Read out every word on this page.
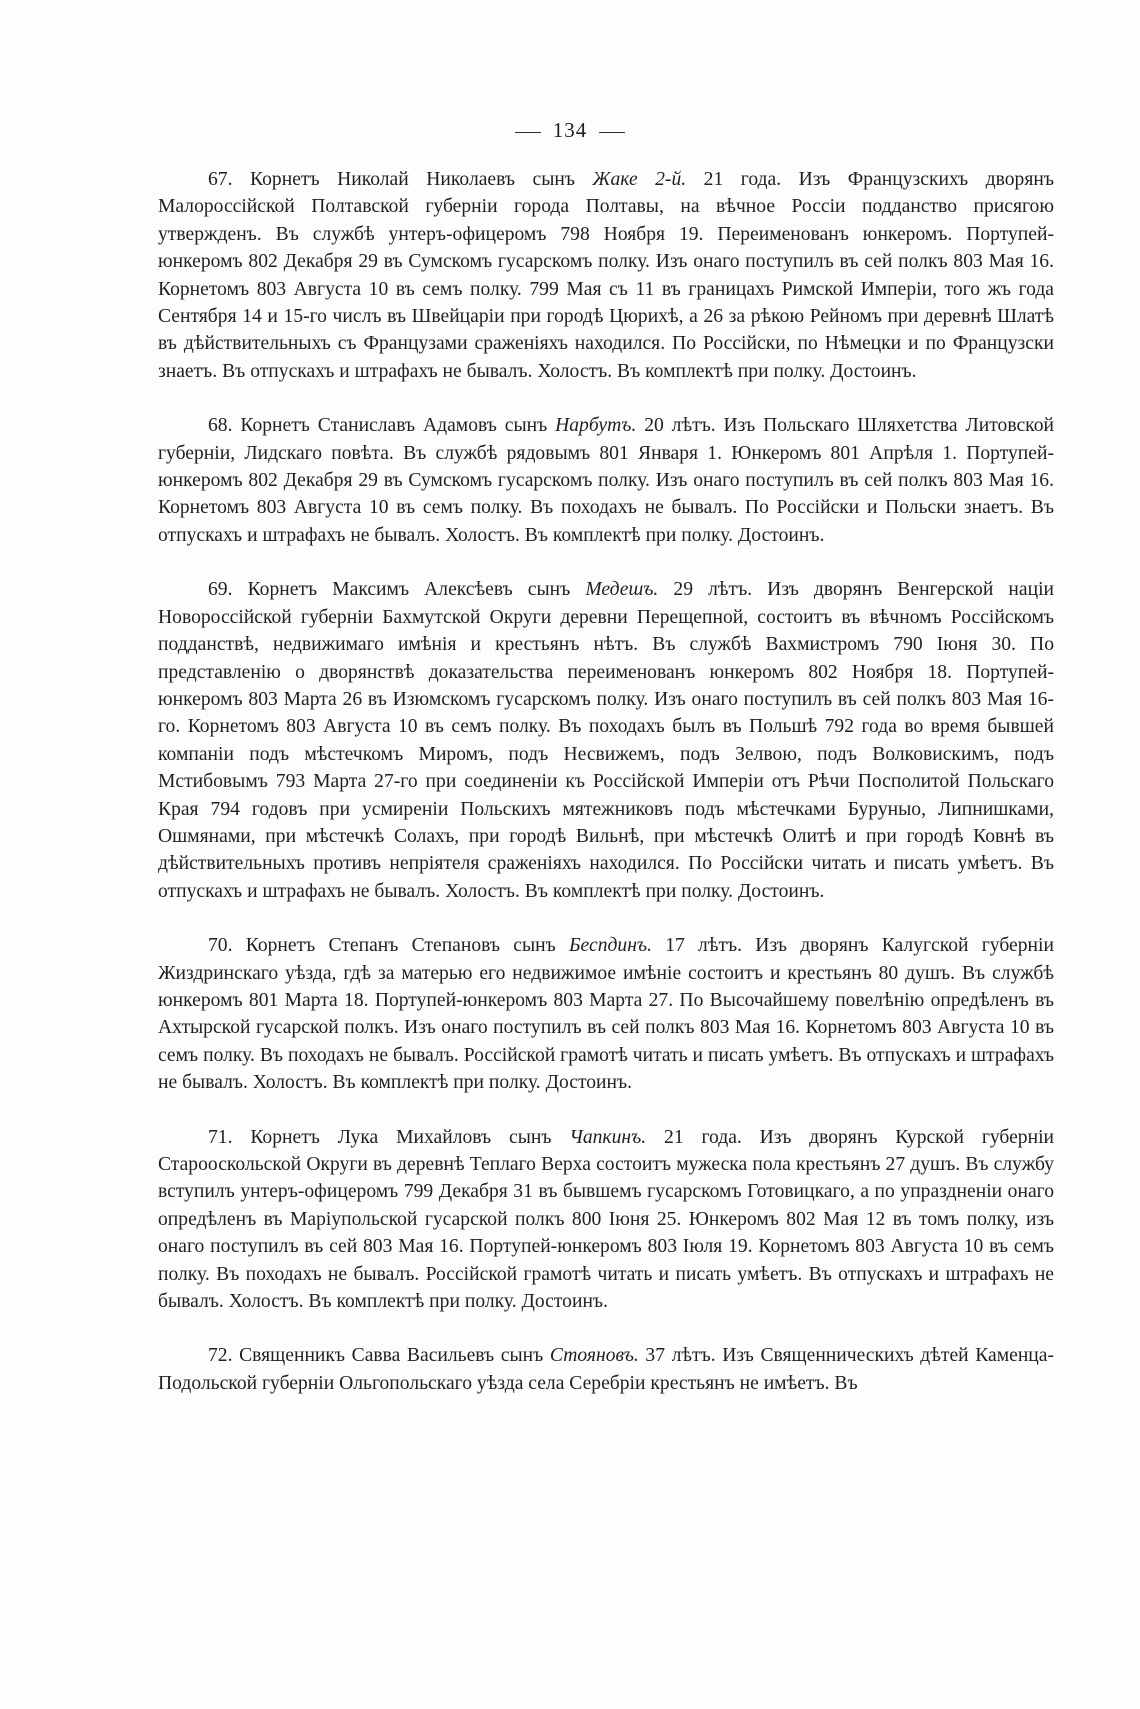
134

67. Корнетъ Николай Николаевъ сынъ Жаке 2-й. 21 года. Изъ Французскихъ дворянъ Малороссійской Полтавской губерніи города Полтавы, на вѣчное Россіи подданство присягою утвержденъ. Въ службѣ унтеръ-офицеромъ 798 Ноября 19. Переименованъ юнкеромъ. Портупей-юнкеромъ 802 Декабря 29 въ Сумскомъ гусарскомъ полку. Изъ онаго поступилъ въ сей полкъ 803 Мая 16. Корнетомъ 803 Августа 10 въ семъ полку. 799 Мая съ 11 въ границахъ Римской Имперіи, того жъ года Сентября 14 и 15-го числъ въ Швейцаріи при городѣ Цюрихѣ, а 26 за рѣкою Рейномъ при деревнѣ Шлатѣ въ дѣйствительныхъ съ Французами сраженіяхъ находился. По Россійски, по Нѣмецки и по Французски знаетъ. Въ отпускахъ и штрафахъ не бывалъ. Холостъ. Въ комплектѣ при полку. Достоинъ.

68. Корнетъ Станиславъ Адамовъ сынъ Нарбутъ. 20 лѣтъ. Изъ Польскаго Шляхетства Литовской губерніи, Лидскаго повѣта. Въ службѣ рядовымъ 801 Января 1. Юнкеромъ 801 Апрѣля 1. Портупей-юнкеромъ 802 Декабря 29 въ Сумскомъ гусарскомъ полку. Изъ онаго поступилъ въ сей полкъ 803 Мая 16. Корнетомъ 803 Августа 10 въ семъ полку. Въ походахъ не бывалъ. По Россійски и Польски знаетъ. Въ отпускахъ и штрафахъ не бывалъ. Холостъ. Въ комплектѣ при полку. Достоинъ.

69. Корнетъ Максимъ Алексѣевъ сынъ Медешъ. 29 лѣтъ. Изъ дворянъ Венгерской націи Новороссійской губерніи Бахмутской Округи деревни Перещепной, состоитъ въ вѣчномъ Россійскомъ подданствѣ, недвижимаго имѣнія и крестьянъ нѣтъ. Въ службѣ Вахмистромъ 790 Іюня 30. По представленію о дворянствѣ доказательства переименованъ юнкеромъ 802 Ноября 18. Портупей-юнкеромъ 803 Марта 26 въ Изюмскомъ гусарскомъ полку. Изъ онаго поступилъ въ сей полкъ 803 Мая 16-го. Корнетомъ 803 Августа 10 въ семъ полку. Въ походахъ былъ въ Польшѣ 792 года во время бывшей компаніи подъ мѣстечкомъ Миромъ, подъ Несвижемъ, подъ Зелвою, подъ Волковискимъ, подъ Мстибовымъ 793 Марта 27-го при соединеніи къ Россійской Имперіи отъ Рѣчи Посполитой Польскаго Края 794 годовъ при усмиреніи Польскихъ мятежниковъ подъ мѣстечками Буруныо, Липнишками, Ошмянами, при мѣстечкѣ Солахъ, при городѣ Вильнѣ, при мѣстечкѣ Олитѣ и при городѣ Ковнѣ въ дѣйствительныхъ противъ непріятеля сраженіяхъ находился. По Россійски читать и писать умѣетъ. Въ отпускахъ и штрафахъ не бывалъ. Холостъ. Въ комплектѣ при полку. Достоинъ.

70. Корнетъ Степанъ Степановъ сынъ Беспдинъ. 17 лѣтъ. Изъ дворянъ Калугской губерніи Жиздринскаго уѣзда, гдѣ за матерью его недвижимое имѣніе состоитъ и крестьянъ 80 душъ. Въ службѣ юнкеромъ 801 Марта 18. Портупей-юнкеромъ 803 Марта 27. По Высочайшему повелѣнію опредѣленъ въ Ахтырской гусарской полкъ. Изъ онаго поступилъ въ сей полкъ 803 Мая 16. Корнетомъ 803 Августа 10 въ семъ полку. Въ походахъ не бывалъ. Россійской грамотѣ читать и писать умѣетъ. Въ отпускахъ и штрафахъ не бывалъ. Холостъ. Въ комплектѣ при полку. Достоинъ.

71. Корнетъ Лука Михайловъ сынъ Чапкинъ. 21 года. Изъ дворянъ Курской губерніи Старооскольской Округи въ деревнѣ Теплаго Верха состоитъ мужеска пола крестьянъ 27 душъ. Въ службу вступилъ унтеръ-офицеромъ 799 Декабря 31 въ бывшемъ гусарскомъ Готовицкаго, а по упраздненіи онаго опредѣленъ въ Маріупольской гусарской полкъ 800 Іюня 25. Юнкеромъ 802 Мая 12 въ томъ полку, изъ онаго поступилъ въ сей 803 Мая 16. Портупей-юнкеромъ 803 Іюля 19. Корнетомъ 803 Августа 10 въ семъ полку. Въ походахъ не бывалъ. Россійской грамотѣ читать и писать умѣетъ. Въ отпускахъ и штрафахъ не бывалъ. Холостъ. Въ комплектѣ при полку. Достоинъ.

72. Священникъ Савва Васильевъ сынъ Стояновъ. 37 лѣтъ. Изъ Священническихъ дѣтей Каменца-Подольской губерніи Ольгопольскаго уѣзда села Серебріи крестьянъ не имѣетъ. Въ
